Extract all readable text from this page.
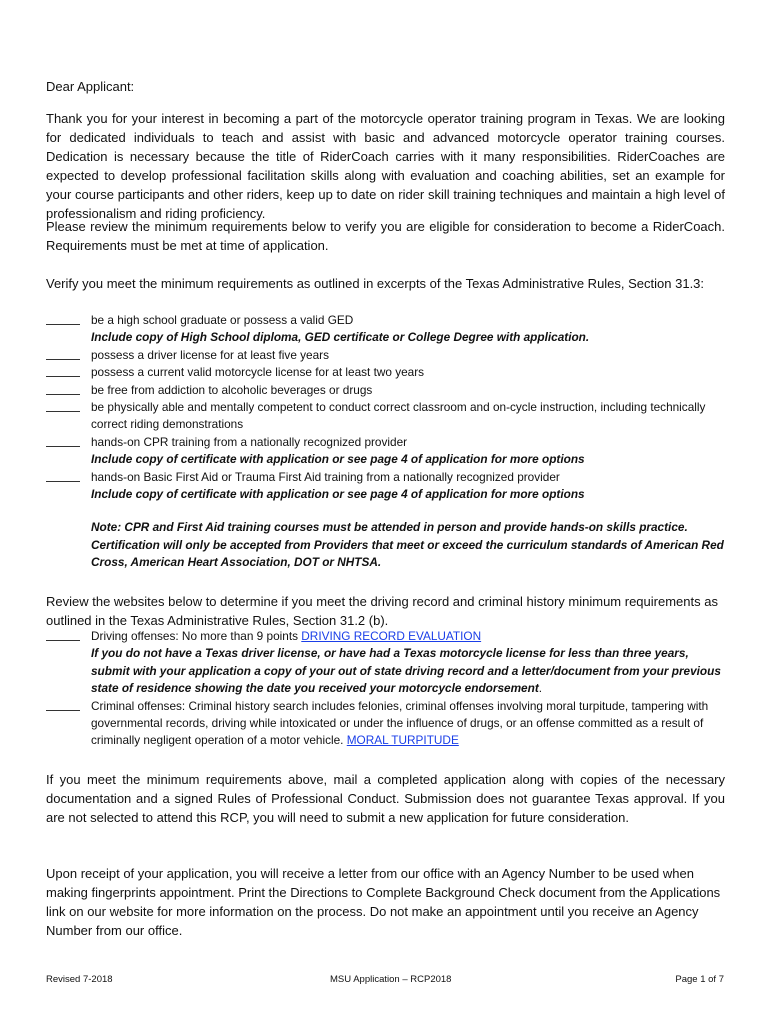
Dear Applicant:
Thank you for your interest in becoming a part of the motorcycle operator training program in Texas. We are looking for dedicated individuals to teach and assist with basic and advanced motorcycle operator training courses. Dedication is necessary because the title of RiderCoach carries with it many responsibilities. RiderCoaches are expected to develop professional facilitation skills along with evaluation and coaching abilities, set an example for your course participants and other riders, keep up to date on rider skill training techniques and maintain a high level of professionalism and riding proficiency.
Please review the minimum requirements below to verify you are eligible for consideration to become a RiderCoach. Requirements must be met at time of application.
Verify you meet the minimum requirements as outlined in excerpts of the Texas Administrative Rules, Section 31.3:
be a high school graduate or possess a valid GED
Include copy of High School diploma, GED certificate or College Degree with application.
possess a driver license for at least five years
possess a current valid motorcycle license for at least two years
be free from addiction to alcoholic beverages or drugs
be physically able and mentally competent to conduct correct classroom and on-cycle instruction, including technically correct riding demonstrations
hands-on CPR training from a nationally recognized provider
Include copy of certificate with application or see page 4 of application for more options
hands-on Basic First Aid or Trauma First Aid training from a nationally recognized provider
Include copy of certificate with application or see page 4 of application for more options
Note: CPR and First Aid training courses must be attended in person and provide hands-on skills practice. Certification will only be accepted from Providers that meet or exceed the curriculum standards of American Red Cross, American Heart Association, DOT or NHTSA.
Review the websites below to determine if you meet the driving record and criminal history minimum requirements as outlined in the Texas Administrative Rules, Section 31.2 (b).
Driving offenses: No more than 9 points DRIVING RECORD EVALUATION
If you do not have a Texas driver license, or have had a Texas motorcycle license for less than three years, submit with your application a copy of your out of state driving record and a letter/document from your previous state of residence showing the date you received your motorcycle endorsement.
Criminal offenses: Criminal history search includes felonies, criminal offenses involving moral turpitude, tampering with governmental records, driving while intoxicated or under the influence of drugs, or an offense committed as a result of criminally negligent operation of a motor vehicle. MORAL TURPITUDE
If you meet the minimum requirements above, mail a completed application along with copies of the necessary documentation and a signed Rules of Professional Conduct. Submission does not guarantee Texas approval. If you are not selected to attend this RCP, you will need to submit a new application for future consideration.
Upon receipt of your application, you will receive a letter from our office with an Agency Number to be used when making fingerprints appointment. Print the Directions to Complete Background Check document from the Applications link on our website for more information on the process. Do not make an appointment until you receive an Agency Number from our office.
Revised 7-2018	MSU Application – RCP2018	Page 1 of 7
